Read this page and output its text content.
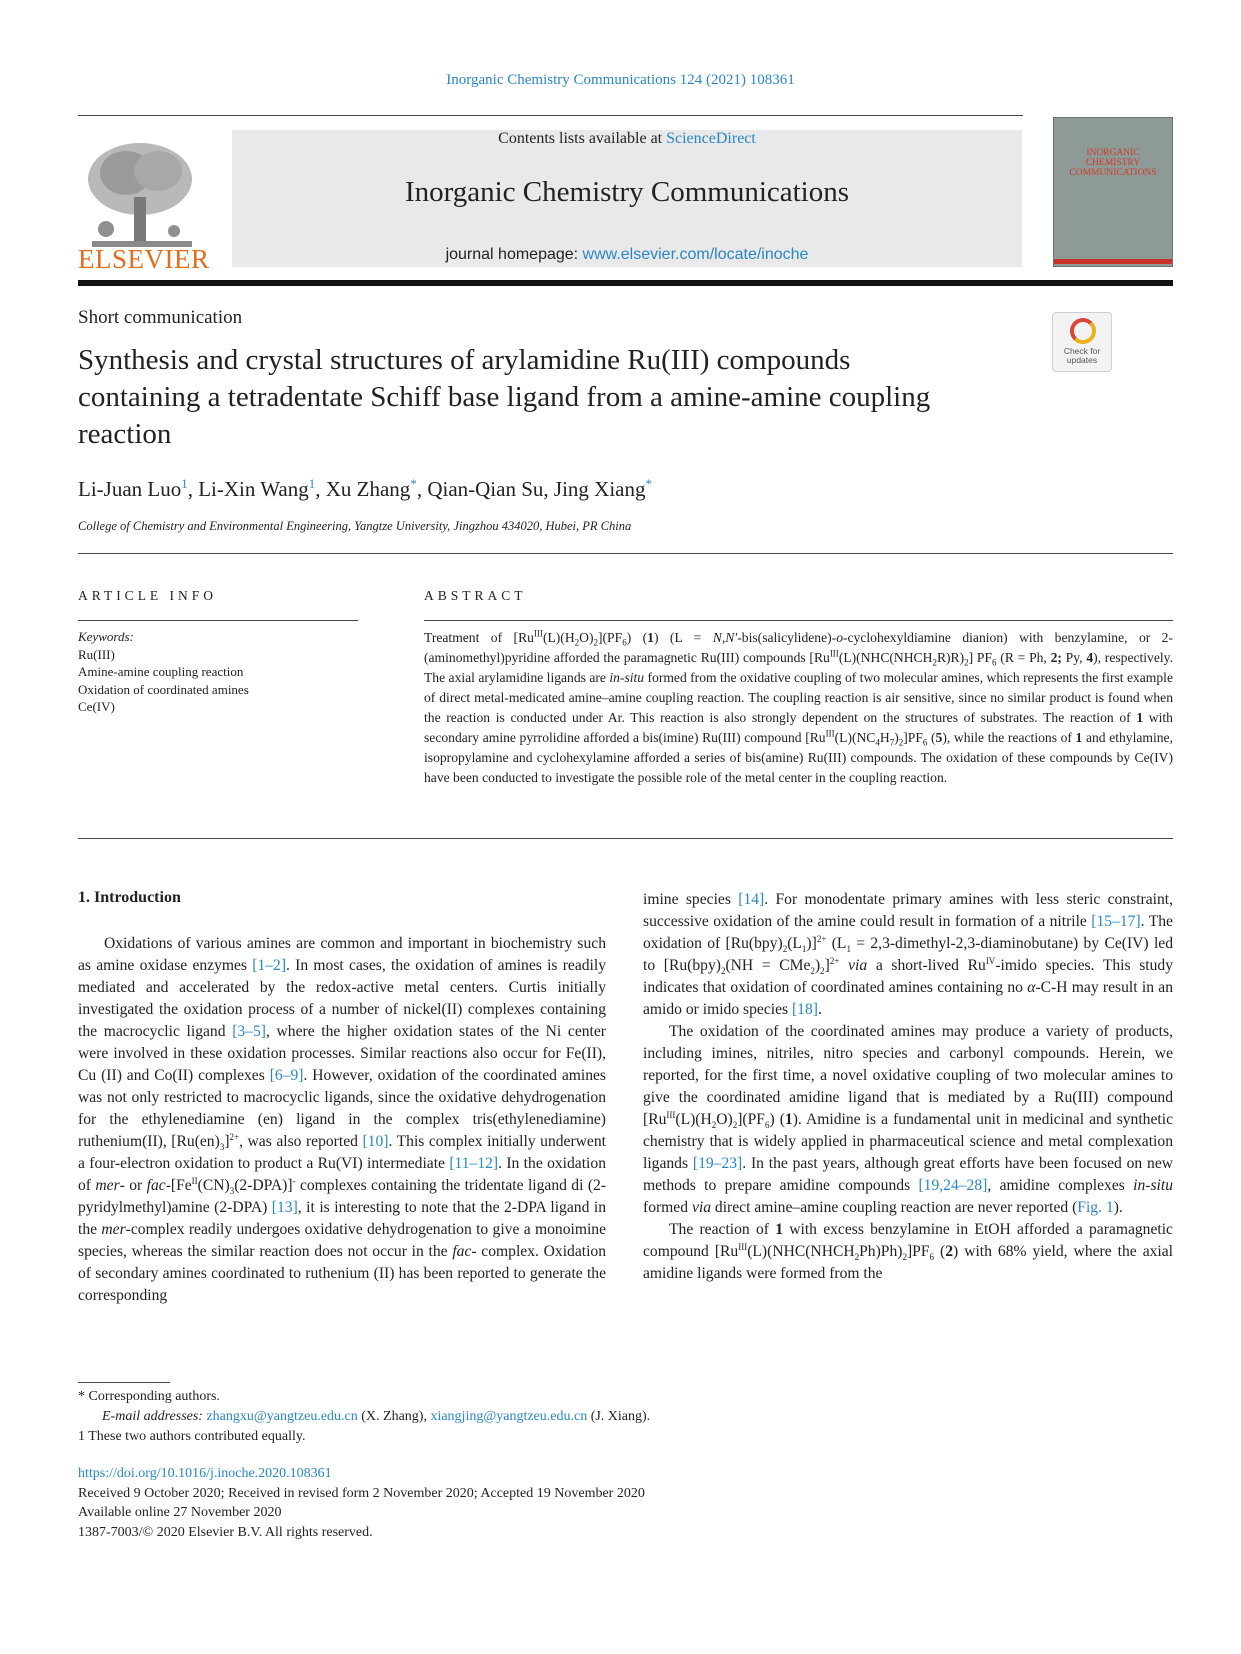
Inorganic Chemistry Communications 124 (2021) 108361
ELSEVIER
Contents lists available at ScienceDirect
Inorganic Chemistry Communications
journal homepage: www.elsevier.com/locate/inoche
INORGANIC CHEMISTRY COMMUNICATIONS
Short communication
Synthesis and crystal structures of arylamidine Ru(III) compounds containing a tetradentate Schiff base ligand from a amine-amine coupling reaction
Check for updates
Li-Juan Luo$^1$, Li-Xin Wang$^1$, Xu Zhang*, Qian-Qian Su, Jing Xiang*
College of Chemistry and Environmental Engineering, Yangtze University, Jingzhou 434020, Hubei, PR China
ARTICLE INFO	ABSTRACT
Keywords:
Ru(III)
Amine-amine coupling reaction
Oxidation of coordinated amines
Ce(IV)
Treatment of $[Ru^{III}(L)(H_2O)_2](PF_6)$ (1) (L = N,N′-bis(salicylidene)-o-cyclohexyldiamine dianion) with benzylamine, or 2-(aminomethyl)pyridine afforded the paramagnetic Ru(III) compounds $[Ru^{III}(L)(NHC(NHCH_2R)R)_2]$ $PF_6$ (R = Ph, 2; Py, 4), respectively. The axial arylamidine ligands are in-situ formed from the oxidative coupling of two molecular amines, which represents the first example of direct metal-medicated amine–amine coupling reaction. The coupling reaction is air sensitive, since no similar product is found when the reaction is conducted under Ar. This reaction is also strongly dependent on the structures of substrates. The reaction of 1 with secondary amine pyrrolidine afforded a bis(imine) Ru(III) compound $[Ru^{III}(L)(NC_4H_7)_2]PF_6$ (5), while the reactions of 1 and ethylamine, isopropylamine and cyclohexylamine afforded a series of bis(amine) Ru(III) compounds. The oxidation of these compounds by Ce(IV) have been conducted to investigate the possible role of the metal center in the coupling reaction.
1. Introduction
Oxidations of various amines are common and important in biochemistry such as amine oxidase enzymes [1–2]. In most cases, the oxidation of amines is readily mediated and accelerated by the redox-active metal centers. Curtis initially investigated the oxidation process of a number of nickel(II) complexes containing the macrocyclic ligand [3–5], where the higher oxidation states of the Ni center were involved in these oxidation processes. Similar reactions also occur for Fe(II), Cu (II) and Co(II) complexes [6–9]. However, oxidation of the coordinated amines was not only restricted to macrocyclic ligands, since the oxidative dehydrogenation for the ethylenediamine (en) ligand in the complex tris(ethylenediamine) ruthenium(II), $[Ru(en)_3]^{2+}$, was also reported [10]. This complex initially underwent a four-electron oxidation to product a Ru(VI) intermediate [11–12]. In the oxidation of mer- or fac-$[Fe^{II}(CN)_3(2-DPA)]^-$ complexes containing the tridentate ligand di (2-pyridylmethyl)amine (2-DPA) [13], it is interesting to note that the 2-DPA ligand in the mer-complex readily undergoes oxidative dehydrogenation to give a monoimine species, whereas the similar reaction does not occur in the fac- complex. Oxidation of secondary amines coordinated to ruthenium (II) has been reported to generate the corresponding

imine species [14]. For monodentate primary amines with less steric constraint, successive oxidation of the amine could result in formation of a nitrile [15–17]. The oxidation of $[Ru(bpy)_2(L_1)]^{2+}$ ($L_1$ = 2,3-dimethyl-2,3-diaminobutane) by Ce(IV) led to $[Ru(bpy)_2(NH = CMe_2)_2]^{2+}$ via a short-lived $Ru^{IV}$-imido species. This study indicates that oxidation of coordinated amines containing no α-C-H may result in an amido or imido species [18].

The oxidation of the coordinated amines may produce a variety of products, including imines, nitriles, nitro species and carbonyl compounds. Herein, we reported, for the first time, a novel oxidative coupling of two molecular amines to give the coordinated amidine ligand that is mediated by a Ru(III) compound $[Ru^{III}(L)(H_2O)_2](PF_6)$ (1). Amidine is a fundamental unit in medicinal and synthetic chemistry that is widely applied in pharmaceutical science and metal complexation ligands [19–23]. In the past years, although great efforts have been focused on new methods to prepare amidine compounds [19,24–28], amidine complexes in-situ formed via direct amine–amine coupling reaction are never reported (Fig. 1).

The reaction of 1 with excess benzylamine in EtOH afforded a paramagnetic compound $[Ru^{III}(L)(NHC(NHCH_2Ph)Ph)_2]PF_6$ (2) with 68% yield, where the axial amidine ligands were formed from the

* Corresponding authors.
E-mail addresses: zhangxu@yangtzeu.edu.cn (X. Zhang), xiangjing@yangtzeu.edu.cn (J. Xiang).
1 These two authors contributed equally.
https://doi.org/10.1016/j.inoche.2020.108361
Received 9 October 2020; Received in revised form 2 November 2020; Accepted 19 November 2020
Available online 27 November 2020
1387-7003/© 2020 Elsevier B.V. All rights reserved.
